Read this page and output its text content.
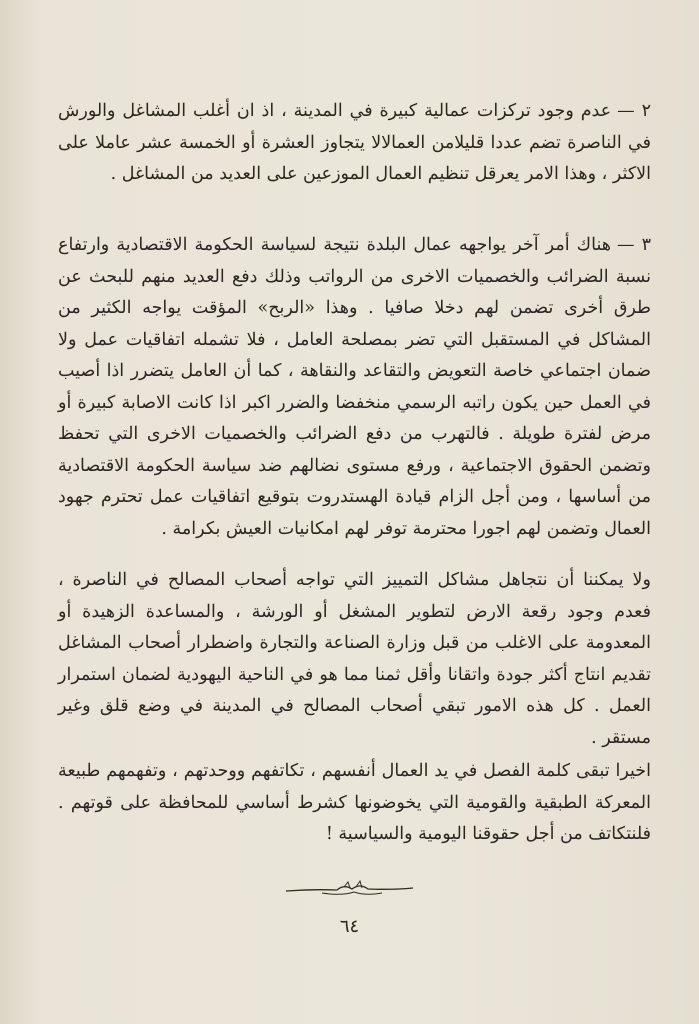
٢ —عدم وجود تركزات عمالية كبيرة في المدينة ، اذ ان أغلب المشاغل والورش في الناصرة تضم عددا قليلامن العمالالا يتجاوز العشرة أو الخمسة عشر عاملا على الاكثر ، وهذا الامر يعرقل تنظيم العمال الموزعين على العديد من المشاغل .

٣ —هناك أمر آخر يواجهه عمال البلدة نتيجة لسياسة الحكومة الاقتصادية وارتفاع نسبة الضرائب والخصميات الاخرى من الرواتب وذلك دفع العديد منهم للبحث عن طرق أخرى تضمن لهم دخلا صافيا . وهذا «الربح» المؤقت يواجه الكثير من المشاكل في المستقبل التي تضر بمصلحة العامل ، فلا تشمله اتفاقيات عمل ولا ضمان اجتماعي خاصة التعويض والتقاعد والنقاهة ، كما أن العامل يتضرر اذا أصيب في العمل حين يكون راتبه الرسمي منخفضا والضرر اكبر اذا كانت الاصابة كبيرة أو مرض لفترة طويلة . فالتهرب من دفع الضرائب والخصميات الاخرى التي تحفظ وتضمن الحقوق الاجتماعية ، ورفع مستوى نضالهم ضد سياسة الحكومة الاقتصادية من أساسها ، ومن أجل الزام قيادة الهستدروت بتوقيع اتفاقيات عمل تحترم جهود العمال وتضمن لهم اجورا محترمة توفر لهم امكانيات العيش بكرامة .

ولا يمكننا أن نتجاهل مشاكل التمييز التي تواجه أصحاب المصالح في الناصرة ، فعدم وجود رقعة الارض لتطوير المشغل أو الورشة ، والمساعدة الزهيدة أو المعدومة على الاغلب من قبل وزارة الصناعة والتجارة واضطرار أصحاب المشاغل تقديم انتاج أكثر جودة واتقانا وأقل ثمنا مما هو في الناحية اليهودية لضمان استمرار العمل . كل هذه الامور تبقي أصحاب المصالح في المدينة في وضع قلق وغير مستقر .

اخيرا تبقى كلمة الفصل في يد العمال أنفسهم ، تكاتفهم ووحدتهم ، وتفهمهم طبيعة المعركة الطبقية والقومية التي يخوضونها كشرط أساسي للمحافظة على قوتهم . فلنتكاتف من أجل حقوقنا اليومية والسياسية !

٦٤
